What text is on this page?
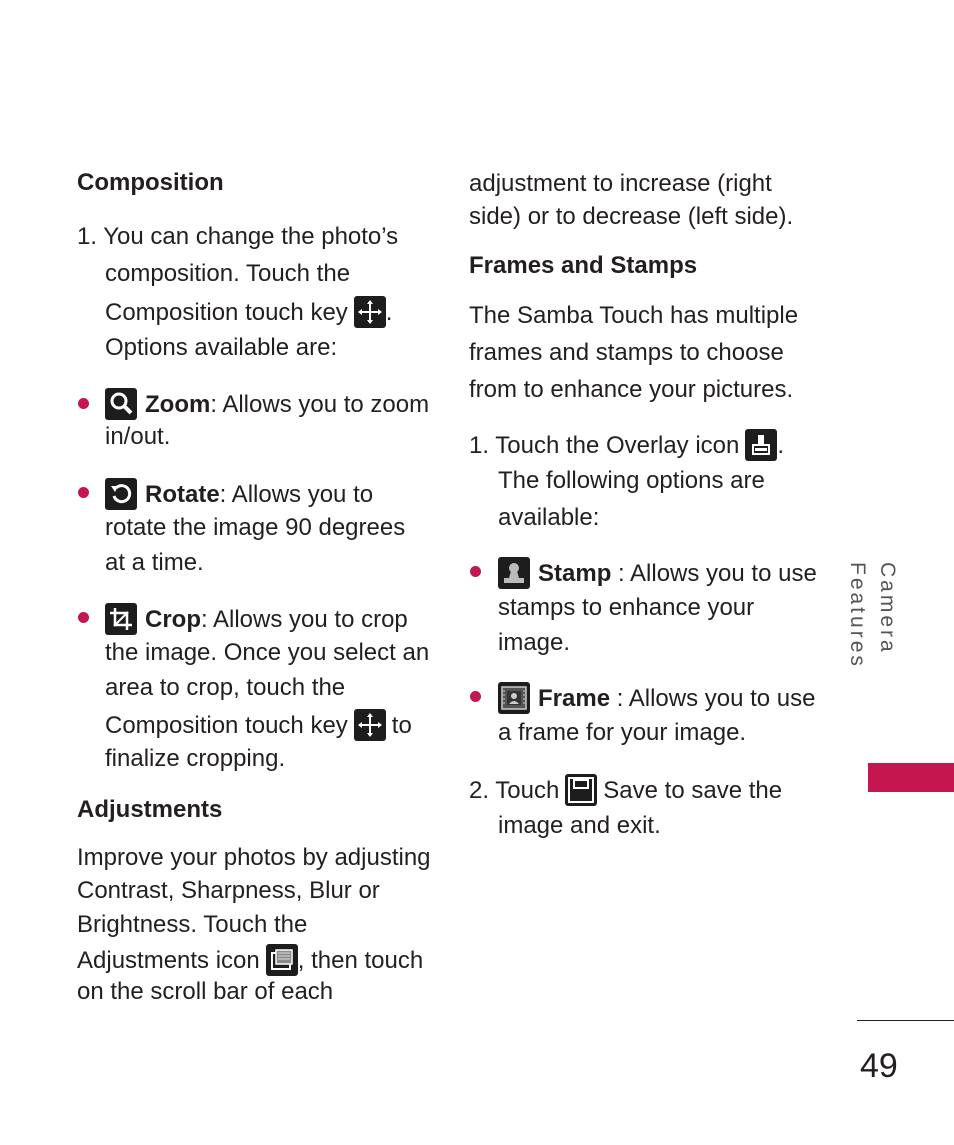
Composition
1. You can change the photo’s
composition. Touch the
Composition touch key .
Options available are:
Zoom: Allows you to zoom
in/out.
Rotate: Allows you to
rotate the image 90 degrees
at a time.
Crop: Allows you to crop
the image. Once you select an
area to crop, touch the
Composition touch key to
finalize cropping.
Adjustments
Improve your photos by adjusting
Contrast, Sharpness, Blur or
Brightness. Touch the
Adjustments icon , then touch
on the scroll bar of each
adjustment to increase (right
side) or to decrease (left side).
Frames and Stamps
The Samba Touch has multiple
frames and stamps to choose
from to enhance your pictures.
1. Touch the Overlay icon .
The following options are
available:
Stamp : Allows you to use
stamps to enhance your
image.
Frame : Allows you to use
a frame for your image.
2. Touch Save to save the
image and exit.
Camera Features
49
